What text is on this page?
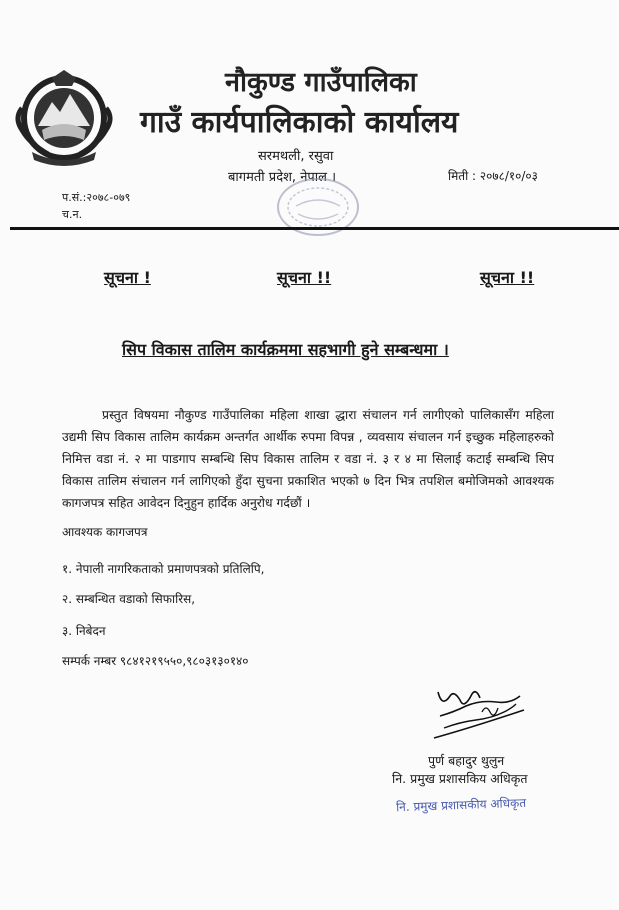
नौकुण्ड गाउँपालिका
गाउँ कार्यपालिकाको कार्यालय
सरमथली, रसुवा
बागमती प्रदेश, नेपाल ।	मिती : २०७८/१०/०३
प.सं.:२०७८-०७९
च.न.
सूचना !	सूचना !!	सूचना !!
सिप विकास तालिम कार्यक्रममा सहभागी हुने सम्बन्धमा ।
प्रस्तुत विषयमा नौकुण्ड गाउँपालिका महिला शाखा द्धारा संचालन गर्न लागीएको पालिकासँग महिला उद्यमी सिप विकास तालिम कार्यक्रम अन्तर्गत आर्थीक रुपमा विपन्न , व्यवसाय संचालन गर्न इच्छुक महिलाहरुको निमित्त वडा नं. २ मा पाडगाप सम्बन्धि सिप विकास तालिम र वडा नं. ३ र ४ मा सिलाई कटाई सम्बन्धि सिप विकास तालिम संचालन गर्न लागिएको हुँदा सुचना प्रकाशित भएको ७ दिन भित्र तपशिल बमोजिमको आवश्यक कागजपत्र सहित आवेदन दिनुहुन हार्दिक अनुरोध गर्दछौं ।
आवश्यक कागजपत्र
१. नेपाली नागरिकताको प्रमाणपत्रको प्रतिलिपि,
२. सम्बन्धित वडाको सिफारिस,
३. निबेदन
सम्पर्क नम्बर ९८४१२१९५५०,९८०३१३०१४०
पुर्ण बहादुर थुलुन
नि. प्रमुख प्रशासकिय अधिकृत
नि. प्रमुख प्रशासकीय अधिकृत
